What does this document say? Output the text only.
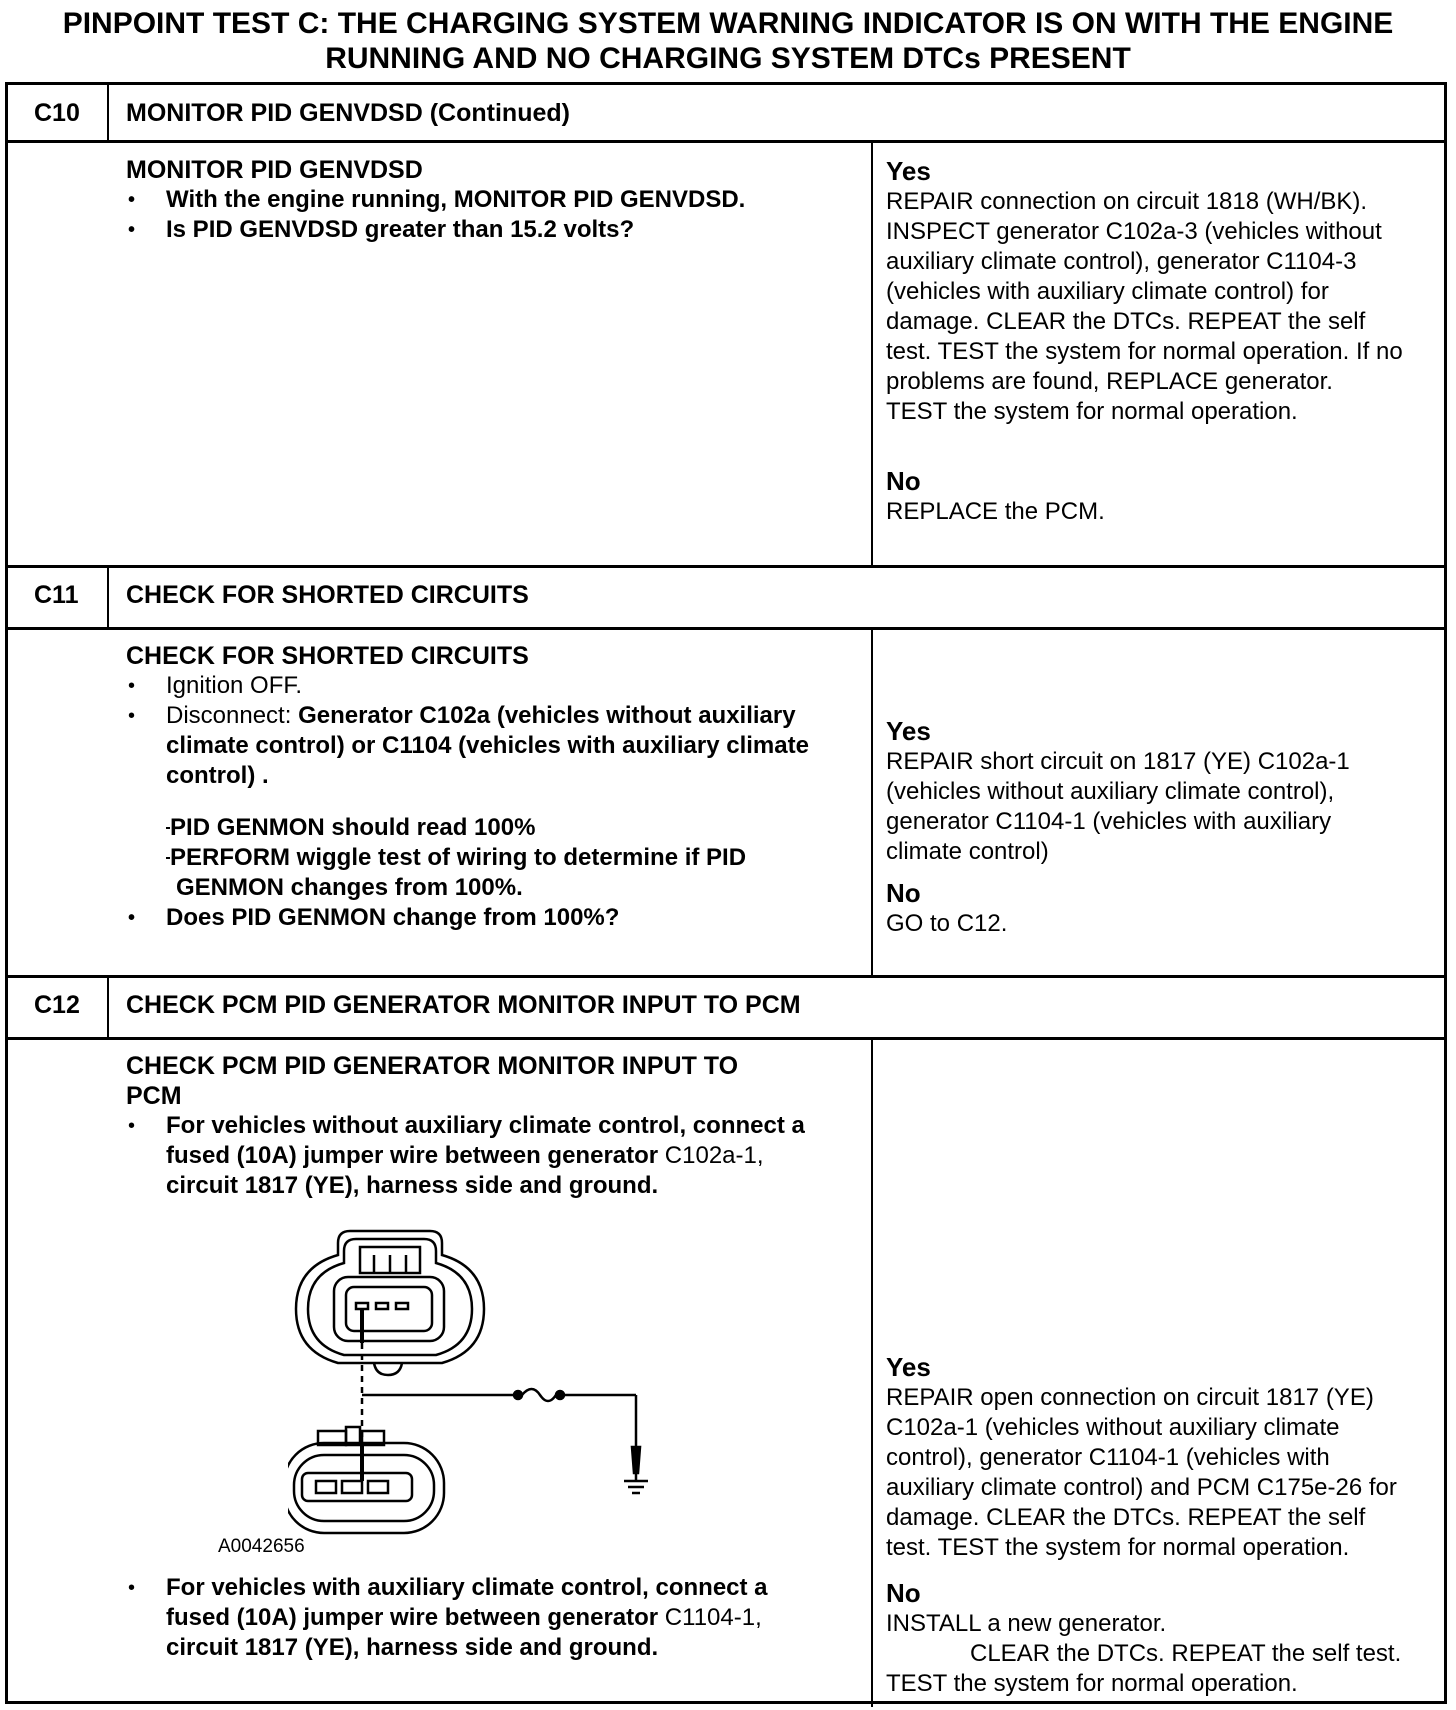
PINPOINT TEST C: THE CHARGING SYSTEM WARNING INDICATOR IS ON WITH THE ENGINE
RUNNING AND NO CHARGING SYSTEM DTCs PRESENT
C10 MONITOR PID GENVDSD (Continued)
MONITOR PID GENVDSD
• With the engine running, MONITOR PID GENVDSD.
• Is PID GENVDSD greater than 15.2 volts?
Yes
REPAIR connection on circuit 1818 (WH/BK).
INSPECT generator C102a-3 (vehicles without
auxiliary climate control), generator C1104-3
(vehicles with auxiliary climate control) for
damage. CLEAR the DTCs. REPEAT the self
test. TEST the system for normal operation. If no
problems are found, REPLACE generator.
TEST the system for normal operation.
No
REPLACE the PCM.
C11 CHECK FOR SHORTED CIRCUITS
CHECK FOR SHORTED CIRCUITS
• Ignition OFF.
• Disconnect: Generator C102a (vehicles without auxiliary
climate control) or C1104 (vehicles with auxiliary climate
control) .
  PID GENMON should read 100%
  PERFORM wiggle test of wiring to determine if PID
GENMON changes from 100%.
• Does PID GENMON change from 100%?
Yes
REPAIR short circuit on 1817 (YE) C102a-1
(vehicles without auxiliary climate control),
generator C1104-1 (vehicles with auxiliary
climate control)
No
GO to C12.
C12 CHECK PCM PID GENERATOR MONITOR INPUT TO PCM
CHECK PCM PID GENERATOR MONITOR INPUT TO
PCM
• For vehicles without auxiliary climate control, connect a
fused (10A) jumper wire between generator C102a-1,
circuit 1817 (YE), harness side and ground.
A0042656
• For vehicles with auxiliary climate control, connect a
fused (10A) jumper wire between generator C1104-1,
circuit 1817 (YE), harness side and ground.
Yes
REPAIR open connection on circuit 1817 (YE)
C102a-1 (vehicles without auxiliary climate
control), generator C1104-1 (vehicles with
auxiliary climate control) and PCM C175e-26 for
damage. CLEAR the DTCs. REPEAT the self
test. TEST the system for normal operation.
No
INSTALL a new generator.
CLEAR the DTCs. REPEAT the self test.
TEST the system for normal operation.
